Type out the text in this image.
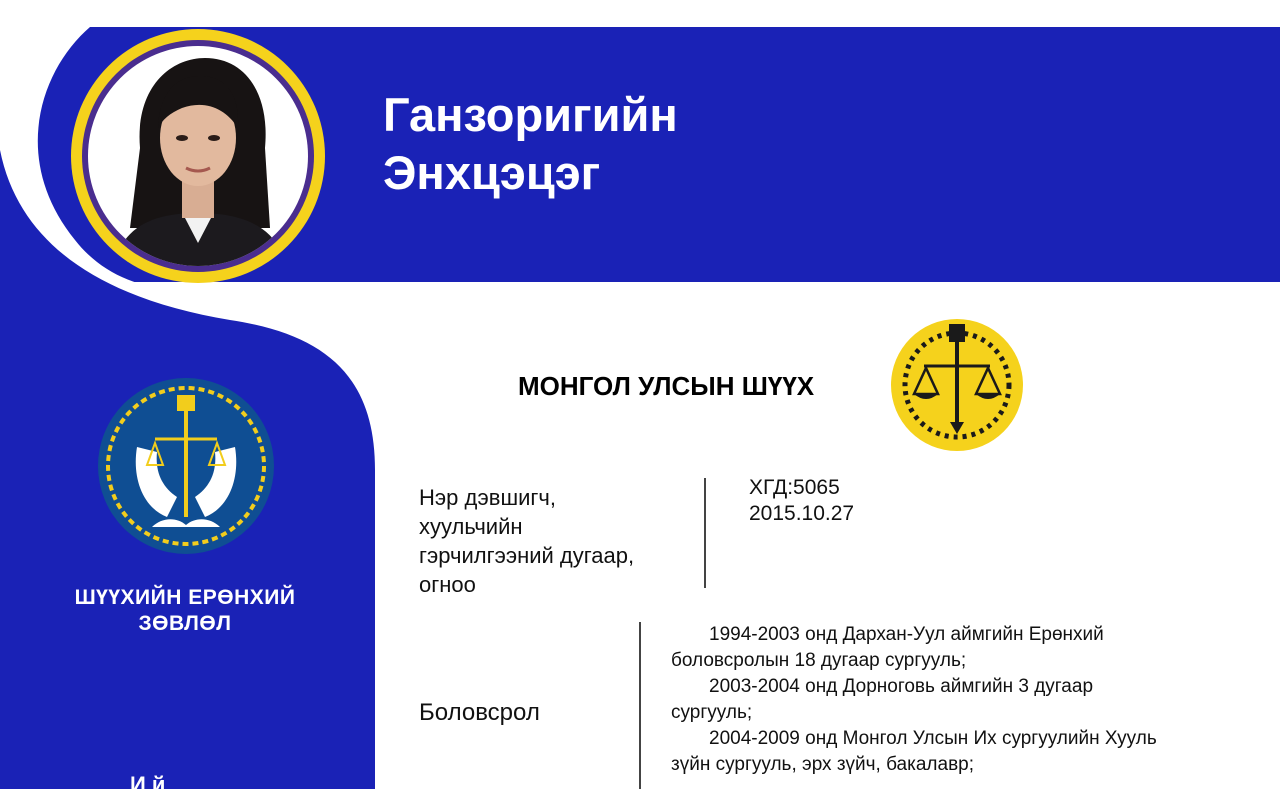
Ганзоригийн
Энхцэцэг
ШҮҮХИЙН ЕРӨНХИЙ
ЗӨВЛӨЛ
И й
МОНГОЛ УЛСЫН ШҮҮХ
Нэр дэвшигч,
хуульчийн
гэрчилгээний дугаар,
огноо
ХГД:5065
2015.10.27
Боловсрол

1994-2003 онд Дархан-Уул аймгийн Ерөнхий

боловсролын 18 дугаар сургууль;

2003-2004 онд Дорноговь аймгийн 3 дугаар

сургууль;

2004-2009 онд Монгол Улсын Их сургуулийн Хууль

зүйн сургууль, эрх зүйч, бакалавр;
